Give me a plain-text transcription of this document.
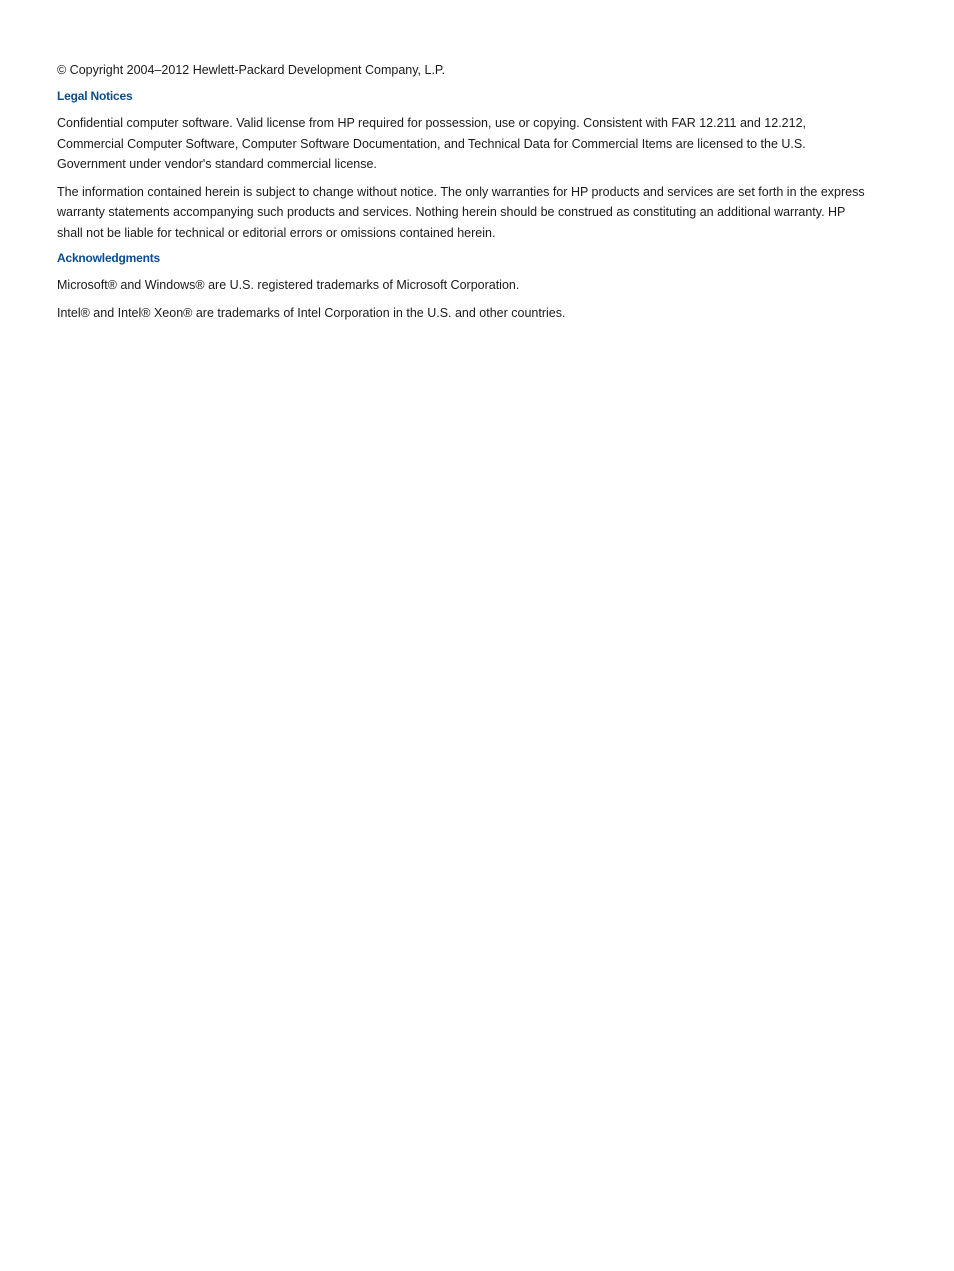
© Copyright 2004–2012 Hewlett-Packard Development Company, L.P.

Legal Notices

Confidential computer software. Valid license from HP required for possession, use or copying. Consistent with FAR 12.211 and 12.212, Commercial Computer Software, Computer Software Documentation, and Technical Data for Commercial Items are licensed to the U.S. Government under vendor's standard commercial license.

The information contained herein is subject to change without notice. The only warranties for HP products and services are set forth in the express warranty statements accompanying such products and services. Nothing herein should be construed as constituting an additional warranty. HP shall not be liable for technical or editorial errors or omissions contained herein.

Acknowledgments

Microsoft® and Windows® are U.S. registered trademarks of Microsoft Corporation.

Intel® and Intel® Xeon® are trademarks of Intel Corporation in the U.S. and other countries.
